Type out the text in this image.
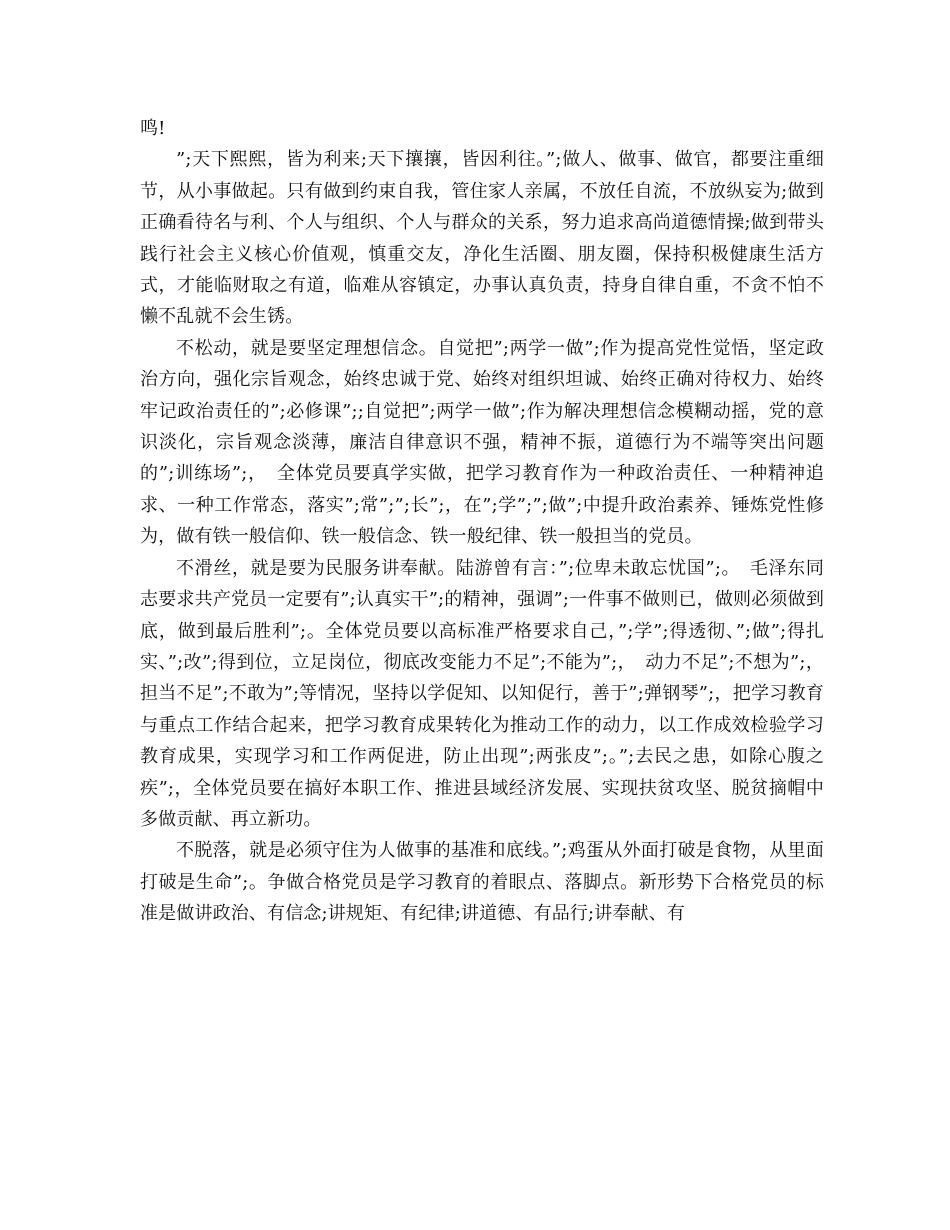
鸣!

”;天下熙熙，皆为利来;天下攘攘，皆因利往。”;做人、做事、做官，都要注重细节，从小事做起。只有做到约束自我，管住家人亲属，不放任自流，不放纵妄为;做到正确看待名与利、个人与组织、个人与群众的关系，努力追求高尚道德情操;做到带头践行社会主义核心价值观，慎重交友，净化生活圈、朋友圈，保持积极健康生活方式，才能临财取之有道，临难从容镇定，办事认真负责，持身自律自重，不贪不怕不懒不乱就不会生锈。

不松动，就是要坚定理想信念。自觉把”;两学一做”;作为提高党性觉悟，坚定政治方向，强化宗旨观念，始终忠诚于党、始终对组织坦诚、始终正确对待权力、始终牢记政治责任的”;必修课”;;自觉把”;两学一做”;作为解决理想信念模糊动摇，党的意识淡化，宗旨观念淡薄，廉洁自律意识不强，精神不振，道德行为不端等突出问题的”;训练场”;，　全体党员要真学实做，把学习教育作为一种政治责任、一种精神追求、一种工作常态，落实”;常”;”;长”;，在”;学”;”;做”;中提升政治素养、锤炼党性修为，做有铁一般信仰、铁一般信念、铁一般纪律、铁一般担当的党员。

不滑丝，就是要为民服务讲奉献。陆游曾有言：”;位卑未敢忘忧国”;。　毛泽东同志要求共产党员一定要有”;认真实干”;的精神，强调”;一件事不做则已，做则必须做到底，做到最后胜利”;。全体党员要以高标准严格要求自己，”;学”;得透彻、”;做”;得扎实、”;改”;得到位，立足岗位，彻底改变能力不足”;不能为”;，　动力不足”;不想为”;，担当不足”;不敢为”;等情况，坚持以学促知、以知促行，善于”;弹钢琴”;，把学习教育与重点工作结合起来，把学习教育成果转化为推动工作的动力，以工作成效检验学习教育成果，实现学习和工作两促进，防止出现”;两张皮”;。”;去民之患，如除心腹之疾”;，全体党员要在搞好本职工作、推进县域经济发展、实现扶贫攻坚、脱贫摘帽中多做贡献、再立新功。

不脱落，就是必须守住为人做事的基准和底线。”;鸡蛋从外面打破是食物，从里面打破是生命”;。争做合格党员是学习教育的着眼点、落脚点。新形势下合格党员的标准是做讲政治、有信念;讲规矩、有纪律;讲道德、有品行;讲奉献、有
